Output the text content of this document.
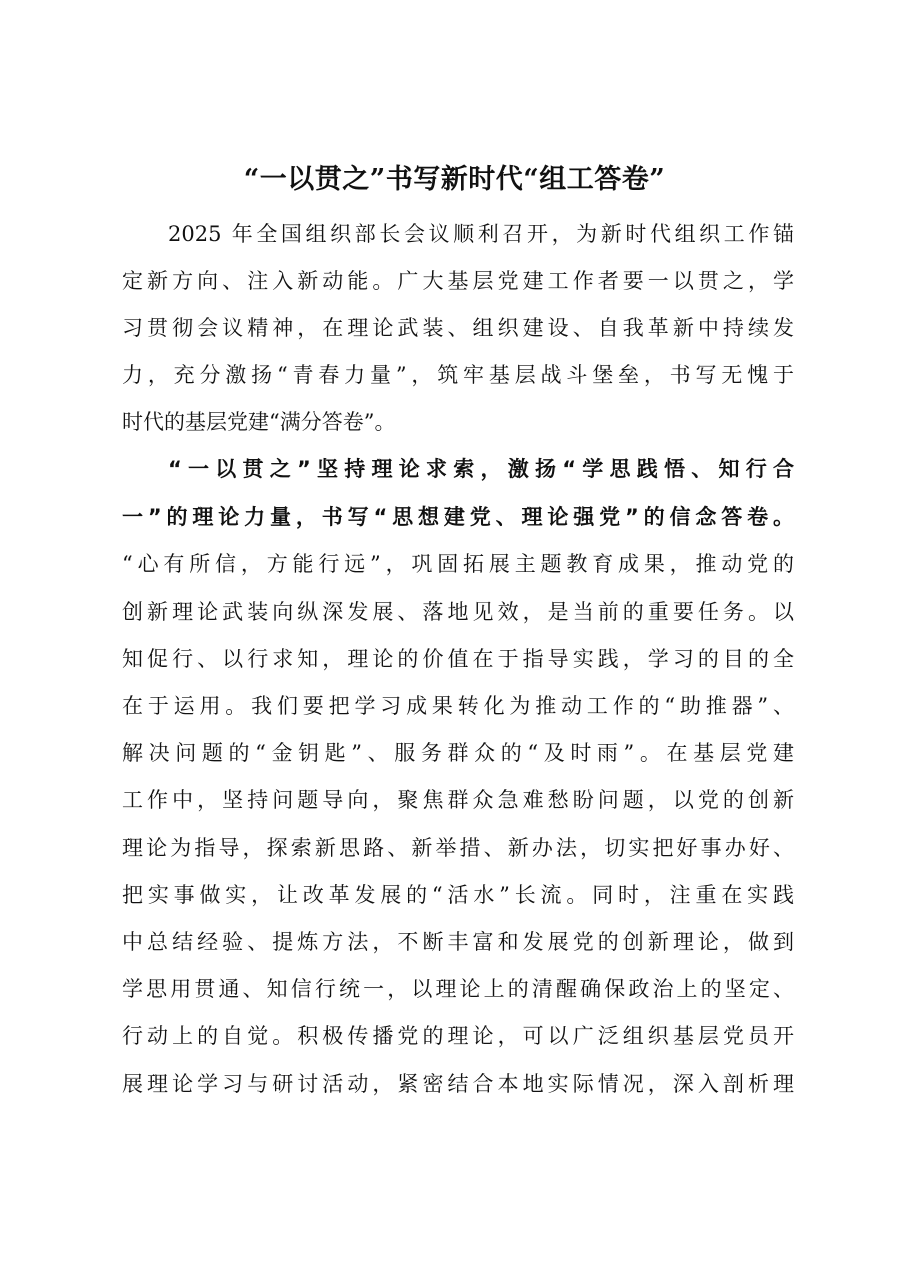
“一以贯之”书写新时代“组工答卷”
2025 年全国组织部长会议顺利召开，为新时代组织工作锚
定新方向、注入新动能。广大基层党建工作者要一以贯之，学
习贯彻会议精神，在理论武装、组织建设、自我革新中持续发
力，充分激扬“青春力量”，筑牢基层战斗堡垒，书写无愧于
时代的基层党建“满分答卷”。
“一以贯之”坚持理论求索，激扬“学思践悟、知行合
一”的理论力量，书写“思想建党、理论强党”的信念答卷。
“心有所信，方能行远”，巩固拓展主题教育成果，推动党的
创新理论武装向纵深发展、落地见效，是当前的重要任务。以
知促行、以行求知，理论的价值在于指导实践，学习的目的全
在于运用。我们要把学习成果转化为推动工作的“助推器”、
解决问题的“金钥匙”、服务群众的“及时雨”。在基层党建
工作中，坚持问题导向，聚焦群众急难愁盼问题，以党的创新
理论为指导，探索新思路、新举措、新办法，切实把好事办好、
把实事做实，让改革发展的“活水”长流。同时，注重在实践
中总结经验、提炼方法，不断丰富和发展党的创新理论，做到
学思用贯通、知信行统一，以理论上的清醒确保政治上的坚定、
行动上的自觉。积极传播党的理论，可以广泛组织基层党员开
展理论学习与研讨活动，紧密结合本地实际情况，深入剖析理
